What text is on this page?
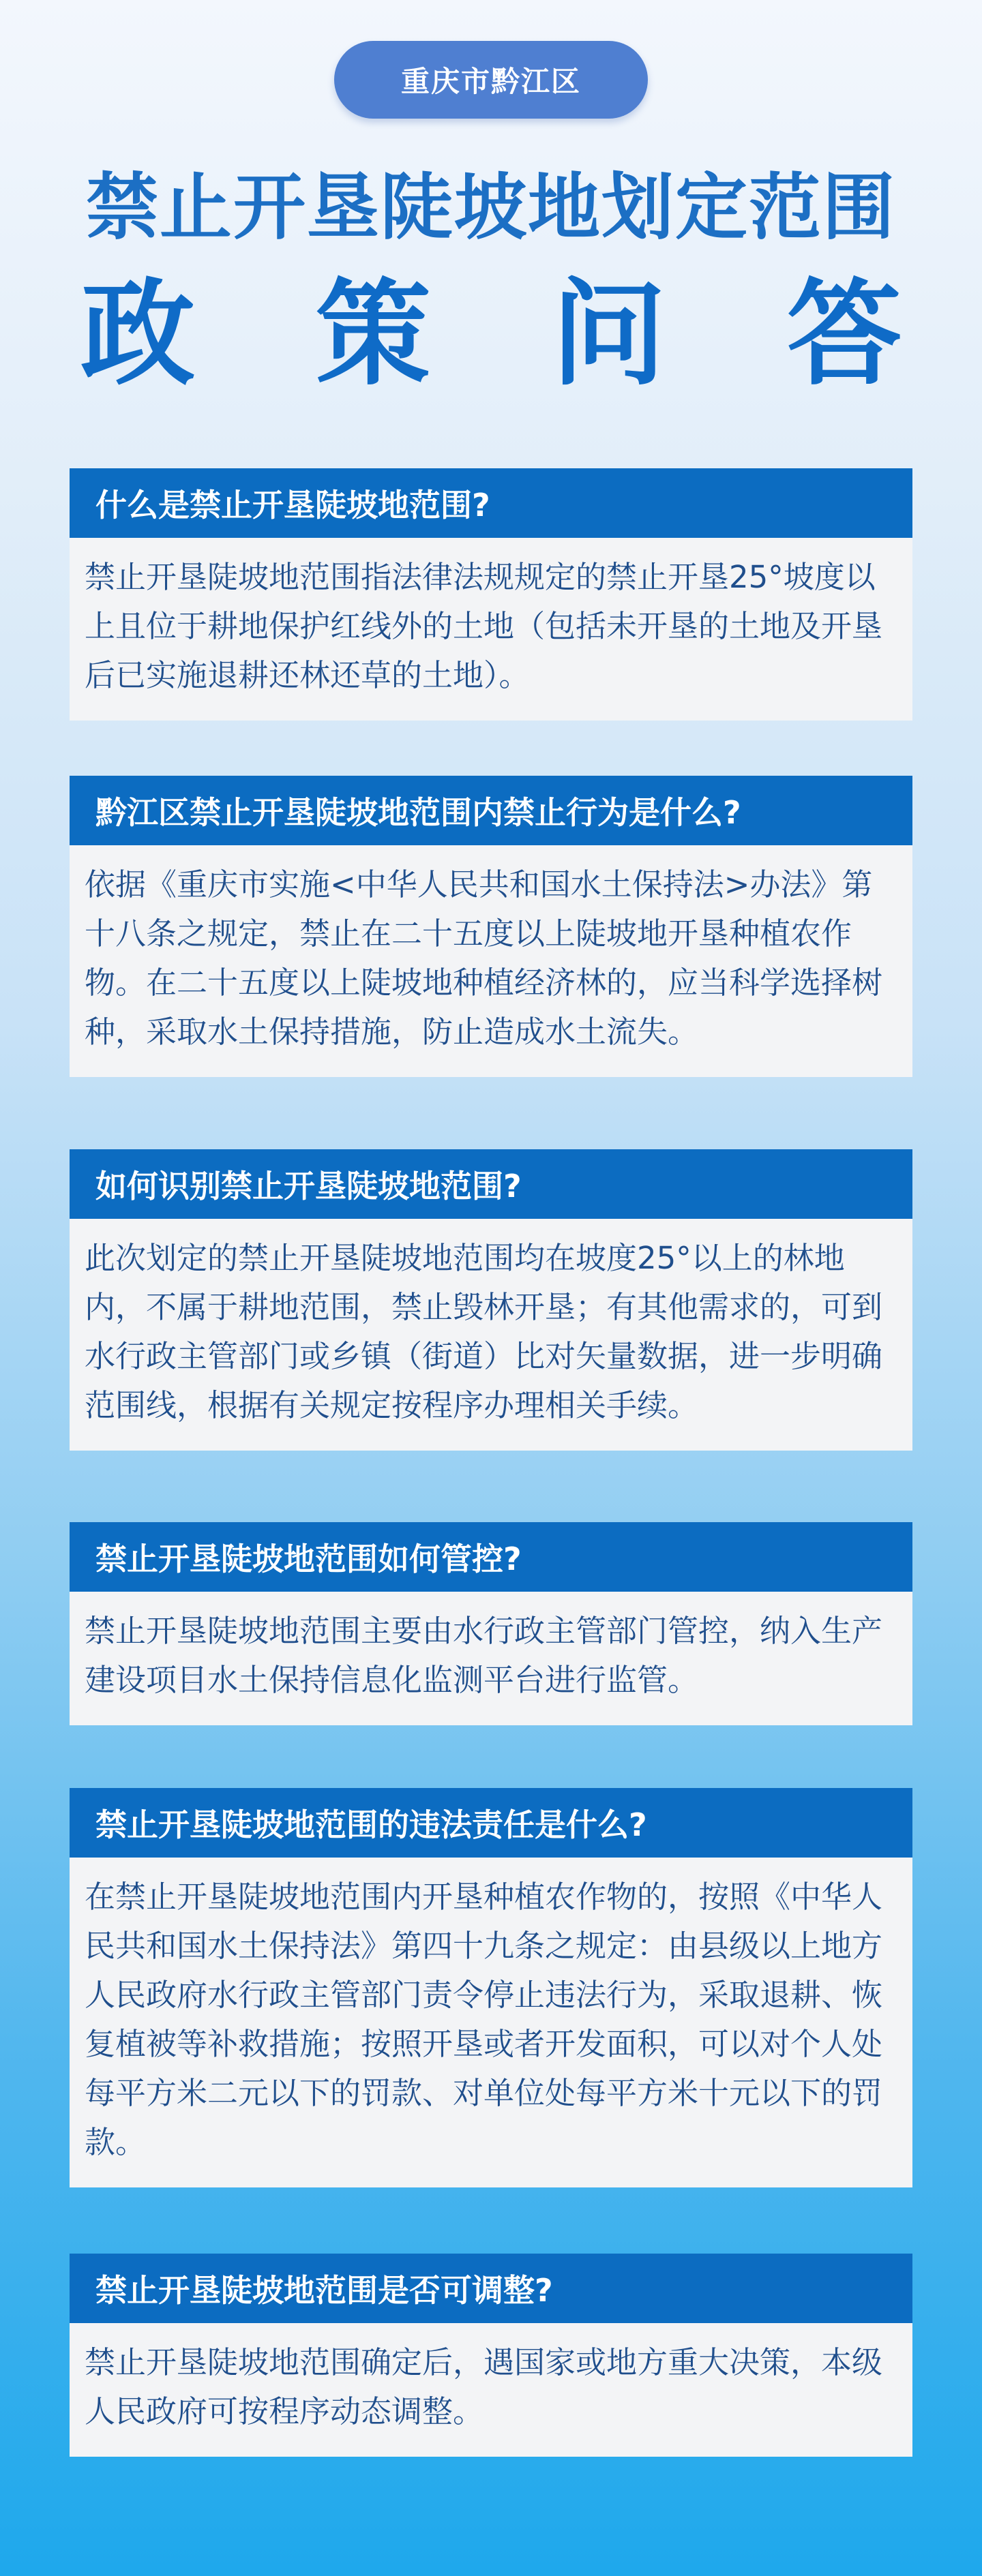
重庆市黔江区
禁止开垦陡坡地划定范围
政 策 问 答
什么是禁止开垦陡坡地范围?
禁止开垦陡坡地范围指法律法规规定的禁止开垦25°坡度以上且位于耕地保护红线外的土地（包括未开垦的土地及开垦后已实施退耕还林还草的土地）。
黔江区禁止开垦陡坡地范围内禁止行为是什么?
依据《重庆市实施<中华人民共和国水土保持法>办法》第十八条之规定，禁止在二十五度以上陡坡地开垦种植农作物。在二十五度以上陡坡地种植经济林的，应当科学选择树种，采取水土保持措施，防止造成水土流失。
如何识别禁止开垦陡坡地范围?
此次划定的禁止开垦陡坡地范围均在坡度25°以上的林地内，不属于耕地范围，禁止毁林开垦；有其他需求的，可到水行政主管部门或乡镇（街道）比对矢量数据，进一步明确范围线，根据有关规定按程序办理相关手续。
禁止开垦陡坡地范围如何管控?
禁止开垦陡坡地范围主要由水行政主管部门管控，纳入生产建设项目水土保持信息化监测平台进行监管。
禁止开垦陡坡地范围的违法责任是什么?
在禁止开垦陡坡地范围内开垦种植农作物的，按照《中华人民共和国水土保持法》第四十九条之规定：由县级以上地方人民政府水行政主管部门责令停止违法行为，采取退耕、恢复植被等补救措施；按照开垦或者开发面积，可以对个人处每平方米二元以下的罚款、对单位处每平方米十元以下的罚款。
禁止开垦陡坡地范围是否可调整?
禁止开垦陡坡地范围确定后，遇国家或地方重大决策，本级人民政府可按程序动态调整。
